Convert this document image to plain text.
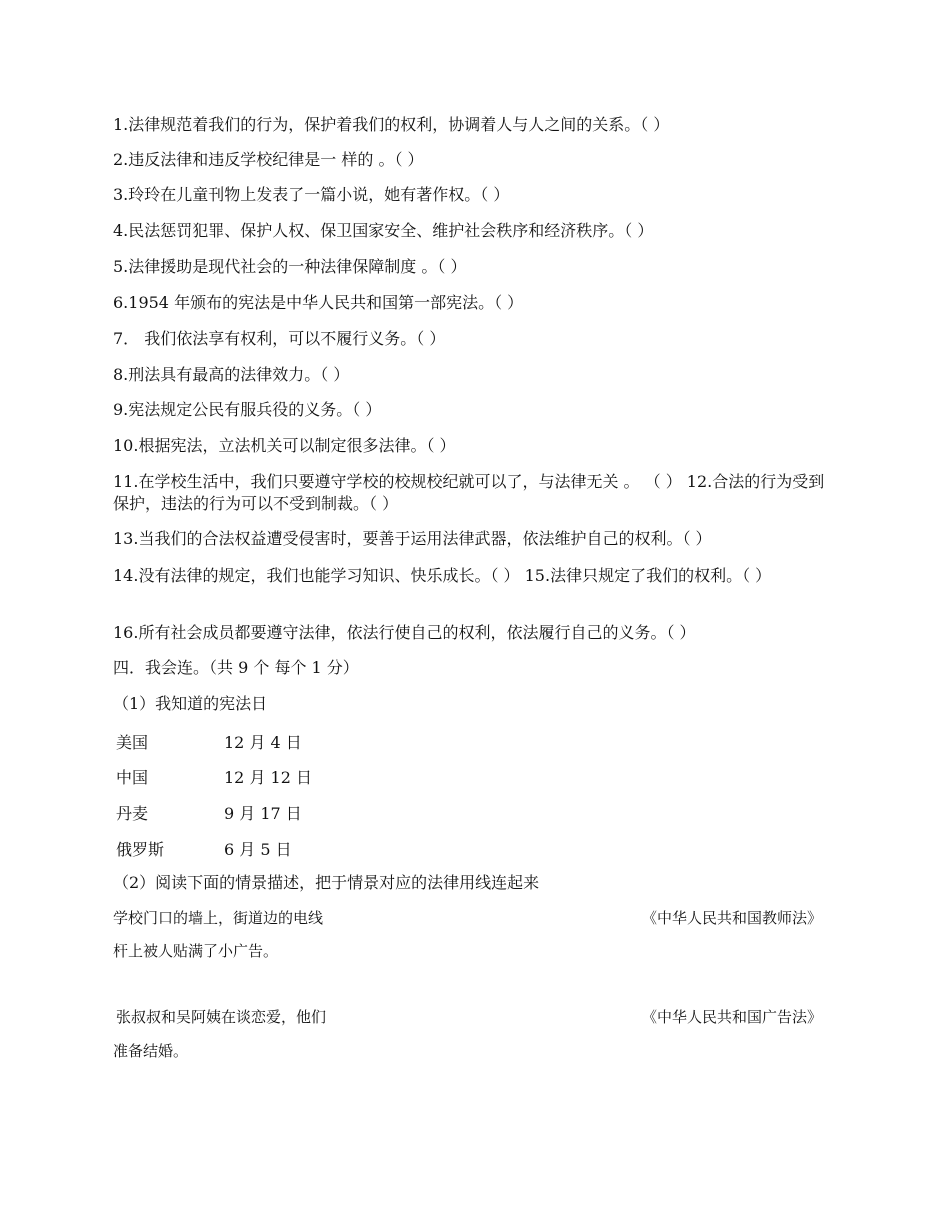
1.法律规范着我们的行为，保护着我们的权利，协调着人与人之间的关系。（ ）
2.违反法律和违反学校纪律是一 样的 。（ ）
3.玲玲在儿童刊物上发表了一篇小说，她有著作权。（ ）
4.民法惩罚犯罪、保护人权、保卫国家安全、维护社会秩序和经济秩序。（ ）
5.法律援助是现代社会的一种法律保障制度 。（ ）
6.1954 年颁布的宪法是中华人民共和国第一部宪法。（ ）
7． 我们依法享有权利，可以不履行义务。（ ）
8.刑法具有最高的法律效力。（ ）
9.宪法规定公民有服兵役的义务。（ ）
10.根据宪法，立法机关可以制定很多法律。（ ）
11.在学校生活中，我们只要遵守学校的校规校纪就可以了，与法律无关 。 （ ） 12.合法的行为受到保护，违法的行为可以不受到制裁。（ ）
13.当我们的合法权益遭受侵害时，要善于运用法律武器，依法维护自己的权利。（ ）
14.没有法律的规定，我们也能学习知识、快乐成长。（ ） 15.法律只规定了我们的权利。（ ）
16.所有社会成员都要遵守法律，依法行使自己的权利，依法履行自己的义务。（ ）
四．我会连。（共 9 个 每个 1 分）
（1）我知道的宪法日
美国	12 月 4 日
中国	12 月 12 日
丹麦	9 月 17 日
俄罗斯	6 月 5 日
（2）阅读下面的情景描述，把于情景对应的法律用线连起来
学校门口的墙上，街道边的电线	《中华人民共和国教师法》
杆上被人贴满了小广告。
张叔叔和吴阿姨在谈恋爱，他们	《中华人民共和国广告法》
准备结婚。
